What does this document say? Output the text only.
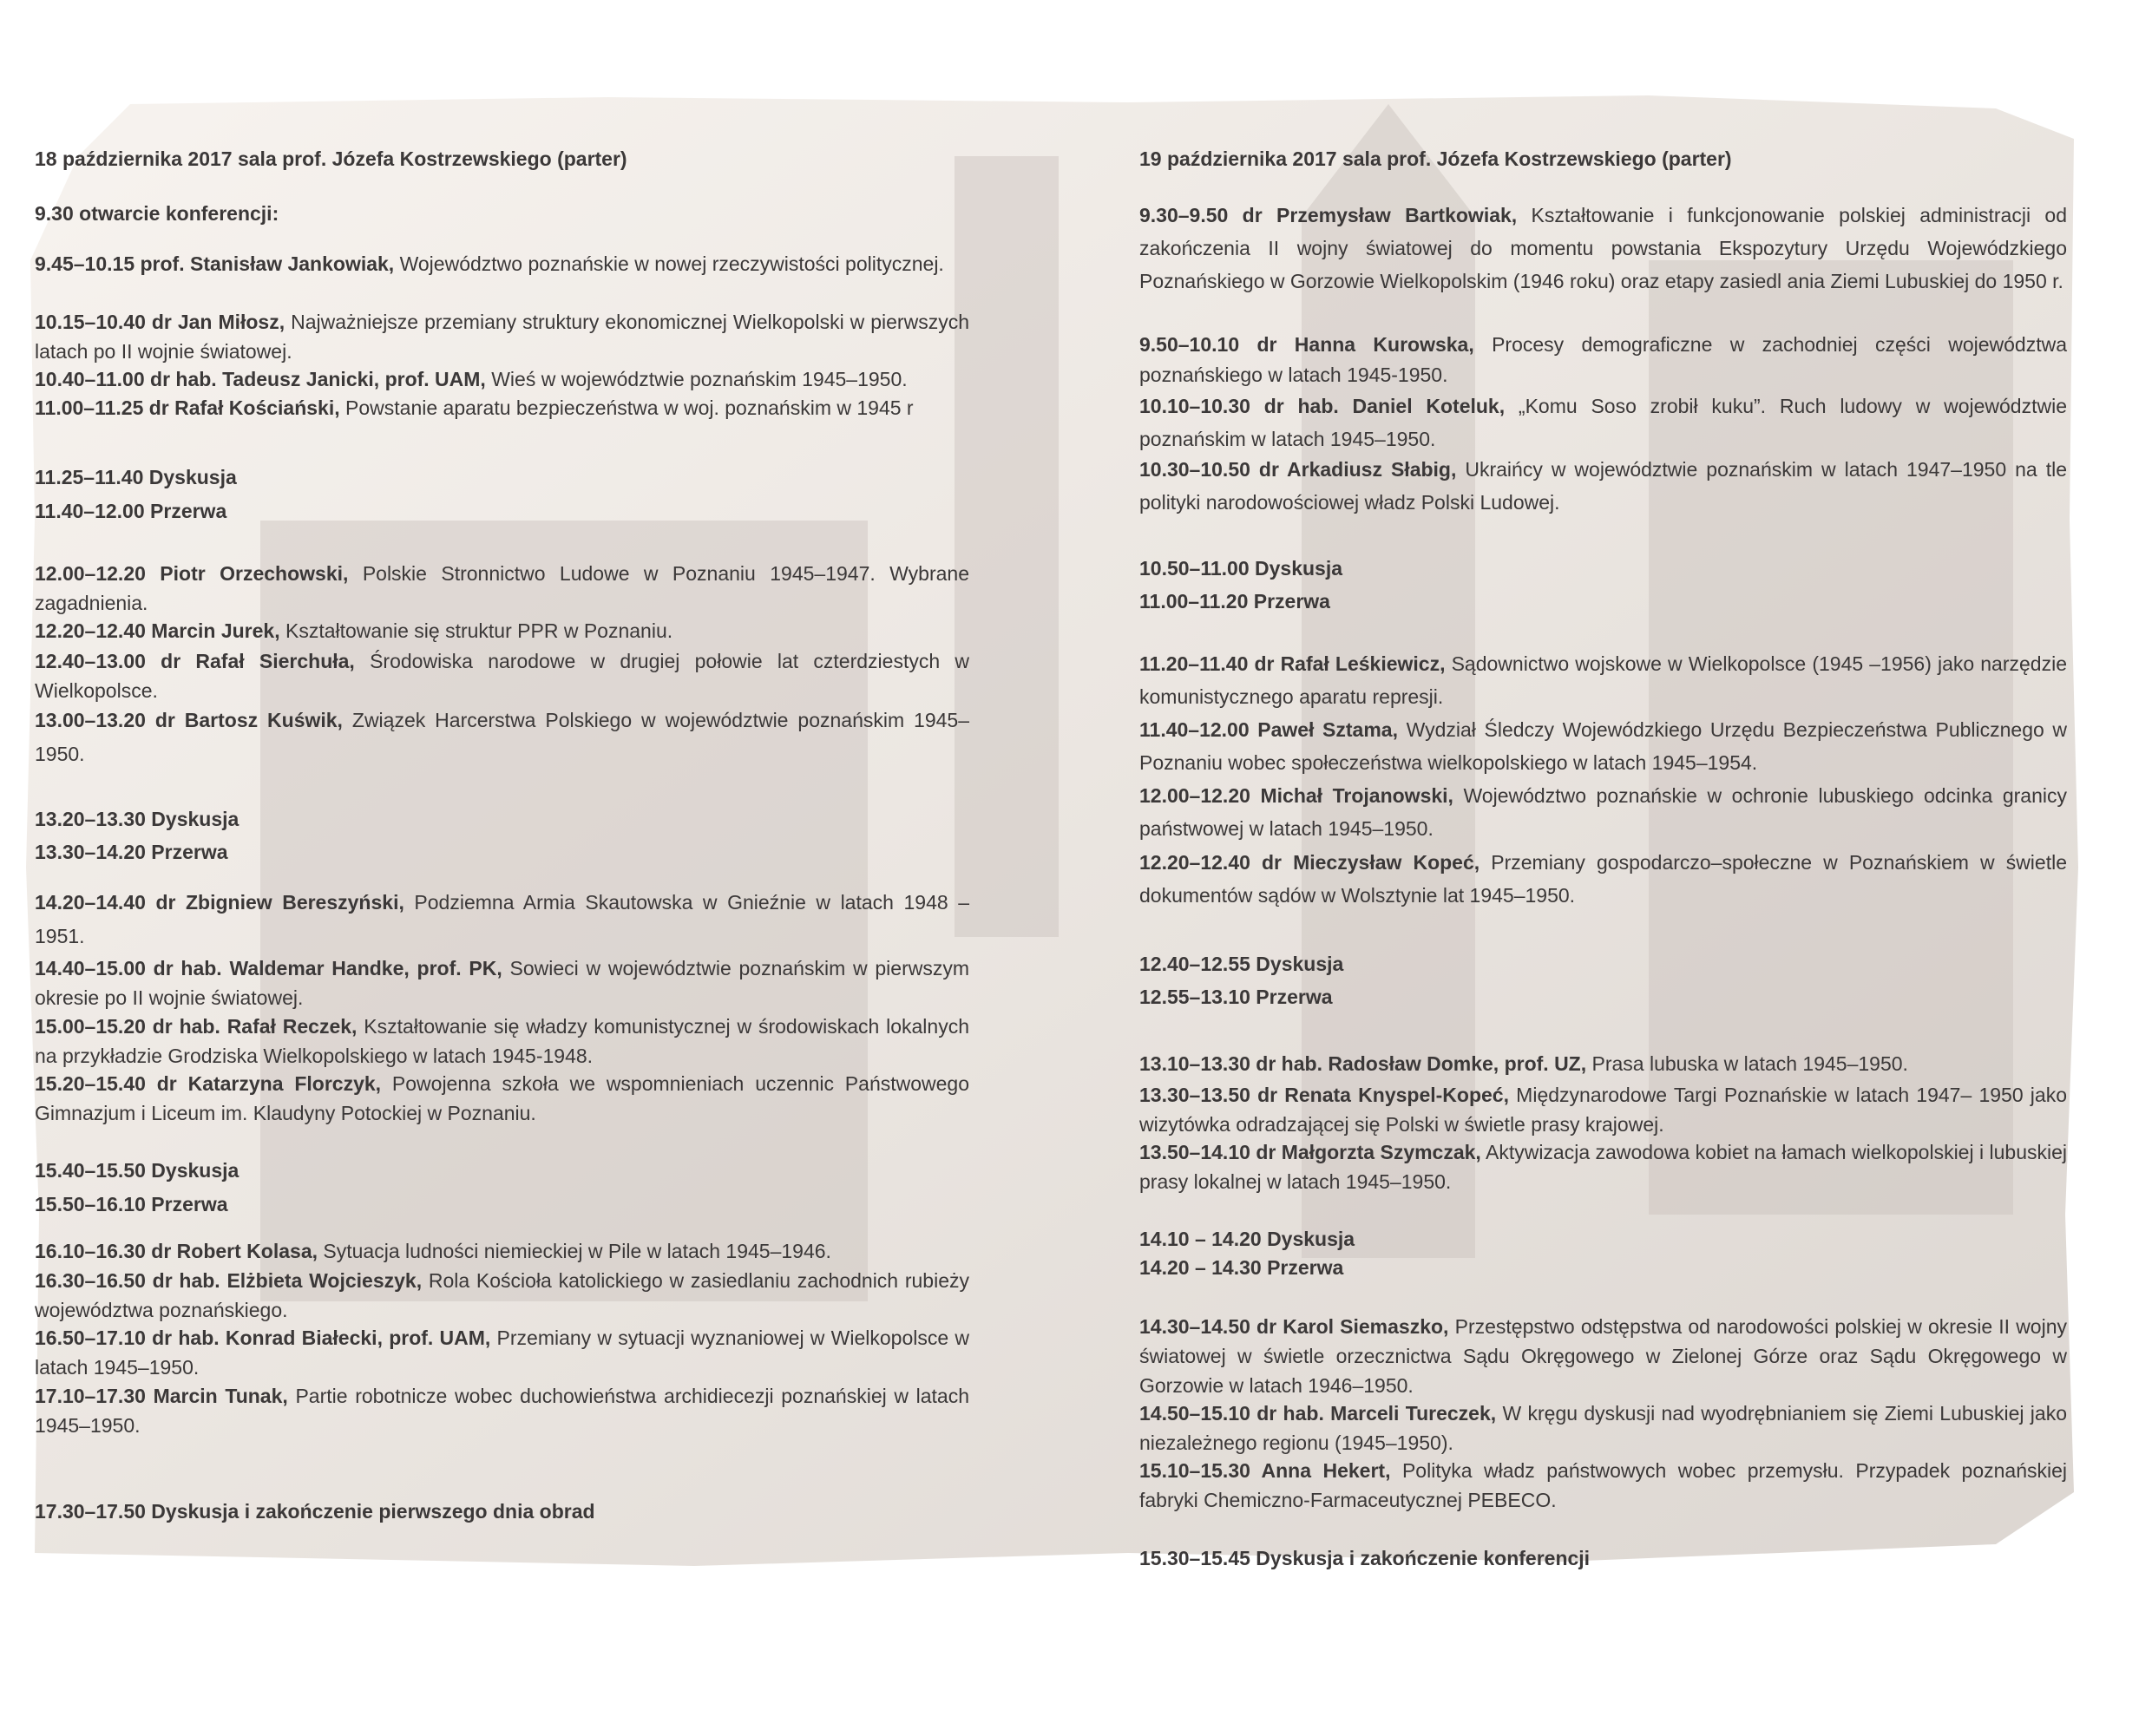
18 października 2017 sala prof. Józefa Kostrzewskiego (parter)
9.30 otwarcie konferencji:
9.45–10.15 prof. Stanisław Jankowiak, Województwo poznańskie w nowej rzeczywistości politycznej.
10.15–10.40 dr Jan Miłosz, Najważniejsze przemiany struktury ekonomicznej Wielkopolski w pierwszych latach po II wojnie światowej.
10.40–11.00 dr hab. Tadeusz Janicki, prof. UAM, Wieś w województwie poznańskim 1945–1950.
11.00–11.25 dr Rafał Kościański, Powstanie aparatu bezpieczeństwa w woj. poznańskim w 1945 r
11.25–11.40 Dyskusja
11.40–12.00 Przerwa
12.00–12.20 Piotr Orzechowski, Polskie Stronnictwo Ludowe w Poznaniu 1945–1947. Wybrane zagadnienia.
12.20–12.40 Marcin Jurek, Kształtowanie się struktur PPR w Poznaniu.
12.40–13.00 dr Rafał Sierchuła, Środowiska narodowe w drugiej połowie lat czterdziestych w Wielkopolsce.
13.00–13.20 dr Bartosz Kuświk, Związek Harcerstwa Polskiego w województwie poznańskim 1945–1950.
13.20–13.30 Dyskusja
13.30–14.20 Przerwa
14.20–14.40 dr Zbigniew Bereszyński, Podziemna Armia Skautowska w Gnieźnie w latach 1948 – 1951.
14.40–15.00 dr hab. Waldemar Handke, prof. PK, Sowieci w województwie poznańskim w pierwszym okresie po II wojnie światowej.
15.00–15.20 dr hab. Rafał Reczek, Kształtowanie się władzy komunistycznej w środowiskach lokalnych na przykładzie Grodziska Wielkopolskiego w latach 1945-1948.
15.20–15.40 dr Katarzyna Florczyk, Powojenna szkoła we wspomnieniach uczennic Państwowego Gimnazjum i Liceum im. Klaudyny Potockiej w Poznaniu.
15.40–15.50 Dyskusja
15.50–16.10 Przerwa
16.10–16.30 dr Robert Kolasa, Sytuacja ludności niemieckiej w Pile w latach 1945–1946.
16.30–16.50 dr hab. Elżbieta Wojcieszyk, Rola Kościoła katolickiego w zasiedlaniu zachodnich rubieży województwa poznańskiego.
16.50–17.10 dr hab. Konrad Białecki, prof. UAM, Przemiany w sytuacji wyznaniowej w Wielkopolsce w latach 1945–1950.
17.10–17.30 Marcin Tunak, Partie robotnicze wobec duchowieństwa archidiecezji poznańskiej w latach 1945–1950.
17.30–17.50 Dyskusja i zakończenie pierwszego dnia obrad
19 października 2017 sala prof. Józefa Kostrzewskiego (parter)
9.30–9.50 dr Przemysław Bartkowiak, Kształtowanie i funkcjonowanie polskiej administracji od zakończenia II wojny światowej do momentu powstania Ekspozytury Urzędu Wojewódzkiego Poznańskiego w Gorzowie Wielkopolskim (1946 roku) oraz etapy zasiedl ania Ziemi Lubuskiej do 1950 r.
9.50–10.10 dr Hanna Kurowska, Procesy demograficzne w zachodniej części województwa poznańskiego w latach 1945-1950.
10.10–10.30 dr hab. Daniel Koteluk, „Komu Soso zrobił kuku”. Ruch ludowy w województwie poznańskim w latach 1945–1950.
10.30–10.50 dr Arkadiusz Słabig, Ukraińcy w województwie poznańskim w latach 1947–1950 na tle polityki narodowościowej władz Polski Ludowej.
10.50–11.00 Dyskusja
11.00–11.20 Przerwa
11.20–11.40 dr Rafał Leśkiewicz, Sądownictwo wojskowe w Wielkopolsce (1945 –1956) jako narzędzie komunistycznego aparatu represji.
11.40–12.00 Paweł Sztama, Wydział Śledczy Wojewódzkiego Urzędu Bezpieczeństwa Publicznego w Poznaniu wobec społeczeństwa wielkopolskiego w latach 1945–1954.
12.00–12.20 Michał Trojanowski, Województwo poznańskie w ochronie lubuskiego odcinka granicy państwowej w latach 1945–1950.
12.20–12.40 dr Mieczysław Kopeć, Przemiany gospodarczo–społeczne w Poznańskiem w świetle dokumentów sądów w Wolsztynie lat 1945–1950.
12.40–12.55 Dyskusja
12.55–13.10 Przerwa
13.10–13.30 dr hab. Radosław Domke, prof. UZ, Prasa lubuska w latach 1945–1950.
13.30–13.50 dr Renata Knyspel-Kopeć, Międzynarodowe Targi Poznańskie w latach 1947– 1950 jako wizytówka odradzającej się Polski w świetle prasy krajowej.
13.50–14.10 dr Małgorzta Szymczak, Aktywizacja zawodowa kobiet na łamach wielkopolskiej i lubuskiej prasy lokalnej w latach 1945–1950.
14.10 – 14.20 Dyskusja
14.20 – 14.30 Przerwa
14.30–14.50 dr Karol Siemaszko, Przestępstwo odstępstwa od narodowości polskiej w okresie II wojny światowej w świetle orzecznictwa Sądu Okręgowego w Zielonej Górze oraz Sądu Okręgowego w Gorzowie w latach 1946–1950.
14.50–15.10 dr hab. Marceli Tureczek, W kręgu dyskusji nad wyodrębnianiem się Ziemi Lubuskiej jako niezależnego regionu (1945–1950).
15.10–15.30 Anna Hekert, Polityka władz państwowych wobec przemysłu. Przypadek poznańskiej fabryki Chemiczno-Farmaceutycznej PEBECO.
15.30–15.45 Dyskusja i zakończenie konferencji
